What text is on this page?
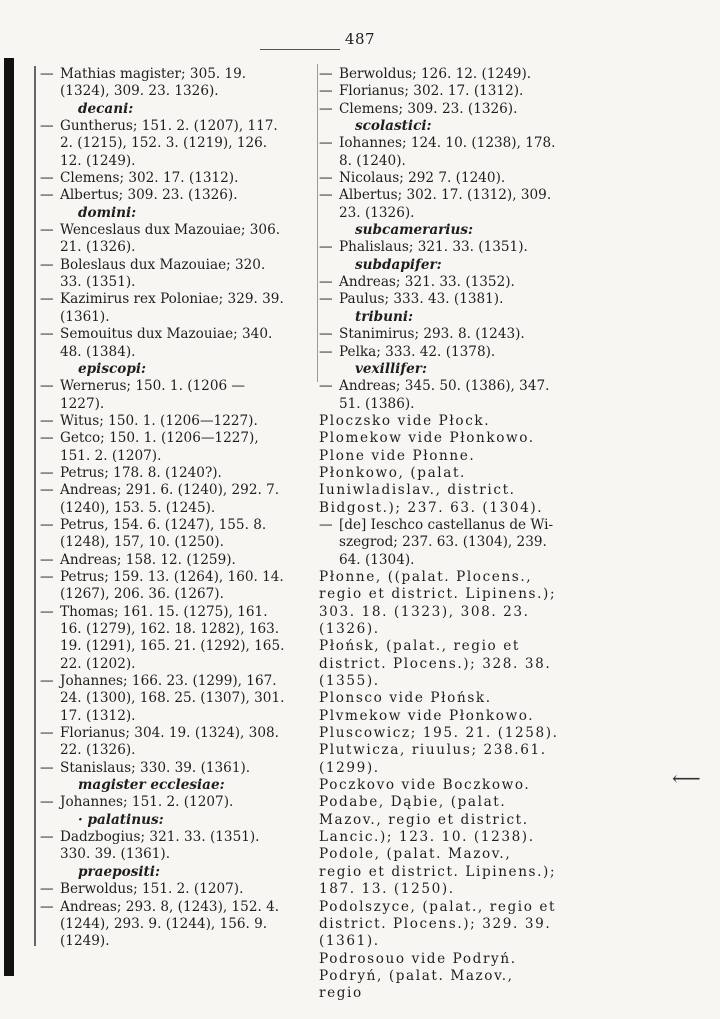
487
⟵
— Mathias magister; 305. 19. (1324), 309. 23. 1326).
decani:
— Guntherus; 151. 2. (1207), 117. 2. (1215), 152. 3. (1219), 126. 12. (1249).
— Clemens; 302. 17. (1312).
— Albertus; 309. 23. (1326).
domini:
— Wenceslaus dux Mazouiae; 306. 21. (1326).
— Boleslaus dux Mazouiae; 320. 33. (1351).
— Kazimirus rex Poloniae; 329. 39. (1361).
— Semouitus dux Mazouiae; 340. 48. (1384).
episcopi:
— Wernerus; 150. 1. (1206 — 1227).
— Witus; 150. 1. (1206—1227).
— Getco; 150. 1. (1206—1227), 151. 2. (1207).
— Petrus; 178. 8. (1240?).
— Andreas; 291. 6. (1240), 292. 7. (1240), 153. 5. (1245).
— Petrus, 154. 6. (1247), 155. 8. (1248), 157, 10. (1250).
— Andreas; 158. 12. (1259).
— Petrus; 159. 13. (1264), 160. 14. (1267), 206. 36. (1267).
— Thomas; 161. 15. (1275), 161. 16. (1279), 162. 18. 1282), 163. 19. (1291), 165. 21. (1292), 165. 22. (1202).
— Johannes; 166. 23. (1299), 167. 24. (1300), 168. 25. (1307), 301. 17. (1312).
— Florianus; 304. 19. (1324), 308. 22. (1326).
— Stanislaus; 330. 39. (1361).
magister ecclesiae:
— Johannes; 151. 2. (1207).
· palatinus:
— Dadzbogius; 321. 33. (1351). 330. 39. (1361).
praepositi:
— Berwoldus; 151. 2. (1207).
— Andreas; 293. 8, (1243), 152. 4. (1244), 293. 9. (1244), 156. 9. (1249).
— Berwoldus; 126. 12. (1249).
— Florianus; 302. 17. (1312).
— Clemens; 309. 23. (1326).
scolastici:
— Iohannes; 124. 10. (1238), 178. 8. (1240).
— Nicolaus; 292 7. (1240).
— Albertus; 302. 17. (1312), 309. 23. (1326).
subcamerarius:
— Phalislaus; 321. 33. (1351).
subdapifer:
— Andreas; 321. 33. (1352).
— Paulus; 333. 43. (1381).
tribuni:
— Stanimirus; 293. 8. (1243).
— Pelka; 333. 42. (1378).
vexillifer:
— Andreas; 345. 50. (1386), 347. 51. (1386).
Ploczsko vide Płock.
Plomekow vide Płonkowo.
Plone vide Płonne.
Płonkowo, (palat. Iuniwladislav., district. Bidgost.); 237. 63. (1304).
— [de] Ieschco castellanus de Wi- szegrod; 237. 63. (1304), 239. 64. (1304).
Płonne, ((palat. Plocens., regio et district. Lipinens.); 303. 18. (1323), 308. 23. (1326).
Płońsk, (palat., regio et district. Plocens.); 328. 38. (1355).
Plonsco vide Płońsk.
Plvmekow vide Płonkowo.
Pluscowicz; 195. 21. (1258).
Plutwicza, riuulus; 238.61.(1299).
Poczkovo vide Boczkowo.
Podabe, Dąbie, (palat. Mazov., regio et district. Lancic.); 123. 10. (1238).
Podole, (palat. Mazov., regio et district. Lipinens.); 187. 13. (1250).
Podolszyce, (palat., regio et district. Plocens.); 329. 39. (1361).
Podrosouo vide Podryń.
Podryń, (palat. Mazov., regio
